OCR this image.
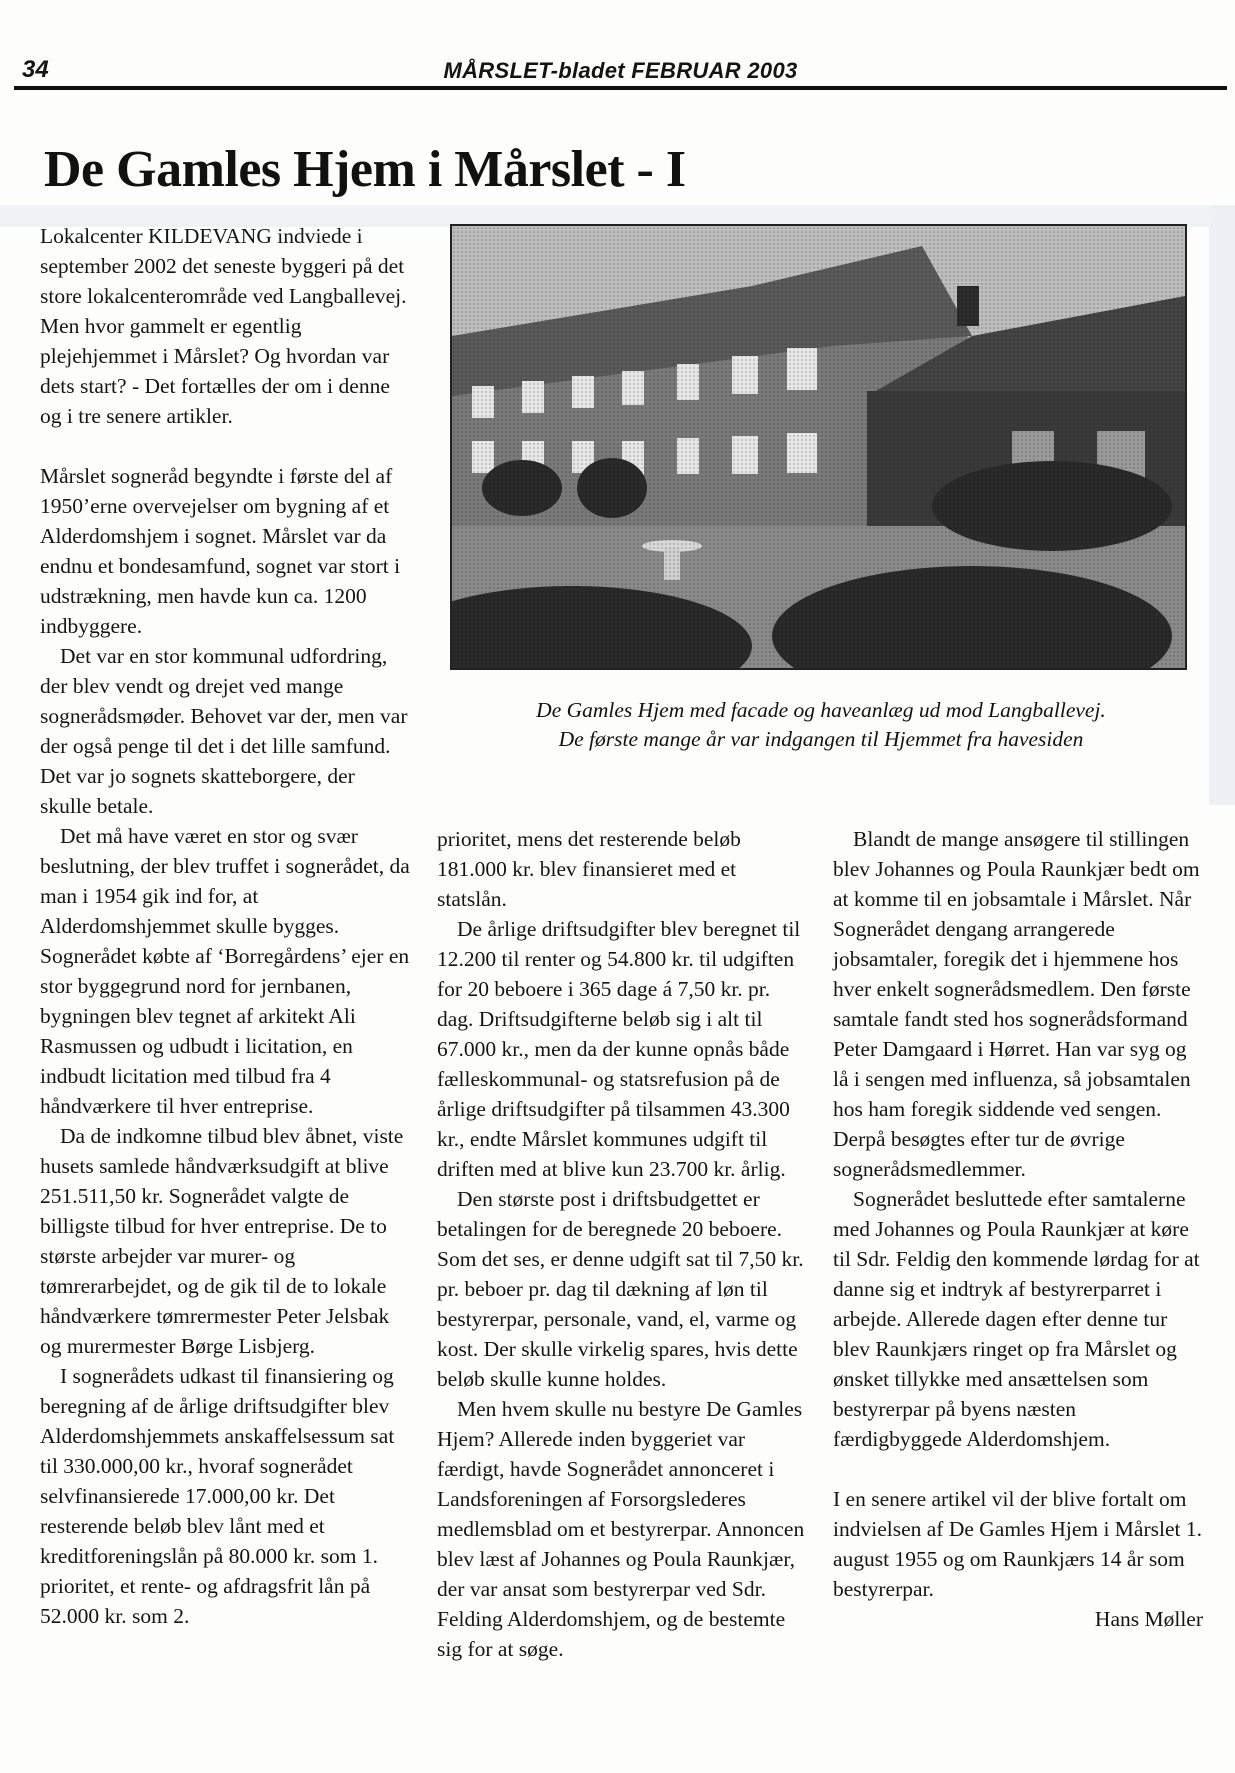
34	MÅRSLET-bladet FEBRUAR 2003
De Gamles Hjem i Mårslet - I

Lokalcenter KILDEVANG indviede i september 2002 det seneste byggeri på det store lokalcenterområde ved Langballevej. Men hvor gammelt er egentlig plejehjemmet i Mårslet? Og hvordan var dets start? - Det fortælles der om i denne og i tre senere artikler.

Mårslet sogneråd begyndte i første del af 1950’erne overvejelser om bygning af et Alderdomshjem i sognet. Mårslet var da endnu et bondesamfund, sognet var stort i udstrækning, men havde kun ca. 1200 indbyggere.

Det var en stor kommunal udfordring, der blev vendt og drejet ved mange sognerådsmøder. Behovet var der, men var der også penge til det i det lille samfund. Det var jo sognets skatteborgere, der skulle betale.

Det må have været en stor og svær beslutning, der blev truffet i sognerådet, da man i 1954 gik ind for, at Alderdomshjemmet skulle bygges. Sognerådet købte af ‘Borregårdens’ ejer en stor byggegrund nord for jernbanen, bygningen blev tegnet af arkitekt Ali Rasmussen og udbudt i licitation, en indbudt licitation med tilbud fra 4 håndværkere til hver entreprise.

Da de indkomne tilbud blev åbnet, viste husets samlede håndværksudgift at blive 251.511,50 kr. Sognerådet valgte de billigste tilbud for hver entreprise. De to største arbejder var murer- og tømrerarbejdet, og de gik til de to lokale håndværkere tømrermester Peter Jelsbak og murermester Børge Lisbjerg.

I sognerådets udkast til finansiering og beregning af de årlige driftsudgifter blev Alderdomshjemmets anskaffelsessum sat til 330.000,00 kr., hvoraf sognerådet selvfinansierede 17.000,00 kr. Det resterende beløb blev lånt med et kreditforeningslån på 80.000 kr. som 1. prioritet, et rente- og afdragsfrit lån på 52.000 kr. som 2.

De Gamles Hjem med facade og haveanlæg ud mod Langballevej.

De første mange år var indgangen til Hjemmet fra havesiden

prioritet, mens det resterende beløb 181.000 kr. blev finansieret med et statslån.

De årlige driftsudgifter blev beregnet til 12.200 til renter og 54.800 kr. til udgiften for 20 beboere i 365 dage á 7,50 kr. pr. dag. Driftsudgifterne beløb sig i alt til 67.000 kr., men da der kunne opnås både fælleskommunal- og statsrefusion på de årlige driftsudgifter på tilsammen 43.300 kr., endte Mårslet kommunes udgift til driften med at blive kun 23.700 kr. årlig.

Den største post i driftsbudgettet er betalingen for de beregnede 20 beboere. Som det ses, er denne udgift sat til 7,50 kr. pr. beboer pr. dag til dækning af løn til bestyrerpar, personale, vand, el, varme og kost. Der skulle virkelig spares, hvis dette beløb skulle kunne holdes.

Men hvem skulle nu bestyre De Gamles Hjem? Allerede inden byggeriet var færdigt, havde Sognerådet annonceret i Landsforeningen af Forsorgslederes medlemsblad om et bestyrerpar. Annoncen blev læst af Johannes og Poula Raunkjær, der var ansat som bestyrerpar ved Sdr. Felding Alderdomshjem, og de bestemte sig for at søge.

Blandt de mange ansøgere til stillingen blev Johannes og Poula Raunkjær bedt om at komme til en jobsamtale i Mårslet. Når Sognerådet dengang arrangerede jobsamtaler, foregik det i hjemmene hos hver enkelt sognerådsmedlem. Den første samtale fandt sted hos sognerådsformand Peter Damgaard i Hørret. Han var syg og lå i sengen med influenza, så jobsamtalen hos ham foregik siddende ved sengen. Derpå besøgtes efter tur de øvrige sognerådsmedlemmer.

Sognerådet besluttede efter samtalerne med Johannes og Poula Raunkjær at køre til Sdr. Feldig den kommende lørdag for at danne sig et indtryk af bestyrerparret i arbejde. Allerede dagen efter denne tur blev Raunkjærs ringet op fra Mårslet og ønsket tillykke med ansættelsen som bestyrerpar på byens næsten færdigbyggede Alderdomshjem.

I en senere artikel vil der blive fortalt om indvielsen af De Gamles Hjem i Mårslet 1. august 1955 og om Raunkjærs 14 år som bestyrerpar.

Hans Møller
